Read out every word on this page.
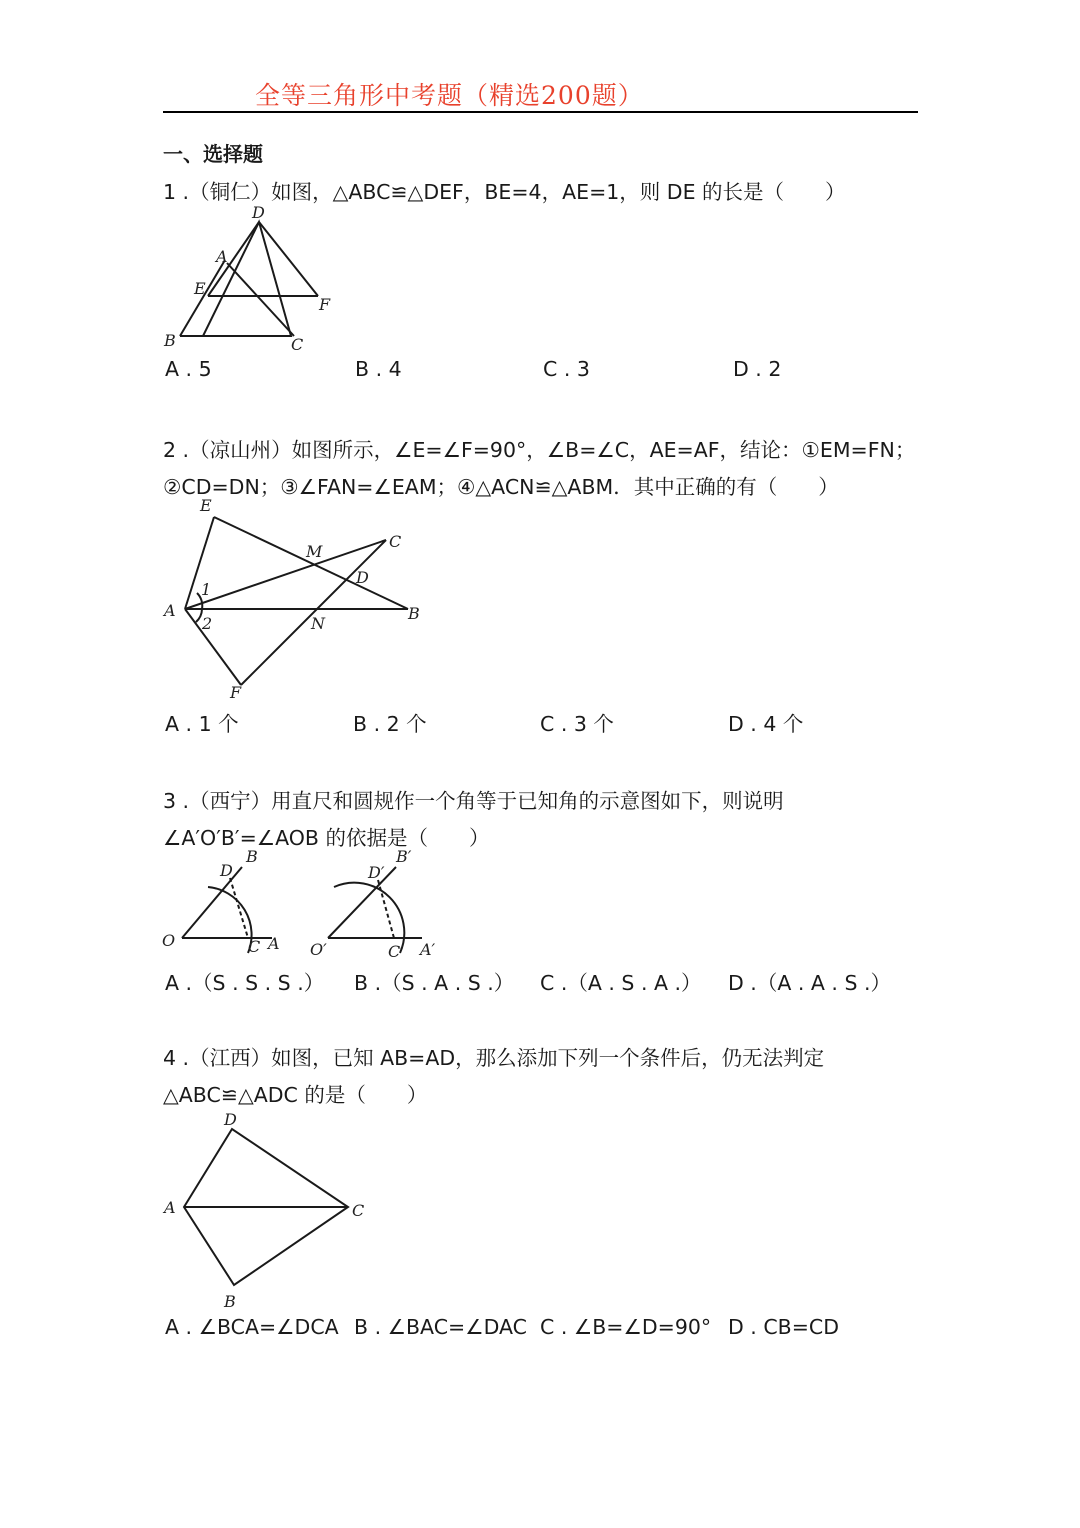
全等三角形中考题（精选200题）
一、选择题
1 .（铜仁）如图，△ABC≌△DEF，BE=4，AE=1，则 DE 的长是（　　）
D
A
E
F
B	C
A . 5	B . 4	C . 3	D . 2
2 .（凉山州）如图所示，∠E=∠F=90°，∠B=∠C，AE=AF，结论：①EM=FN；
②CD=DN；③∠FAN=∠EAM；④△ACN≌△ABM．其中正确的有（　　）
E
M
C
D
1
A
2	N
B
F
A . 1 个	B . 2 个	C . 3 个	D . 4 个
3 .（西宁）用直尺和圆规作一个角等于已知角的示意图如下，则说明
∠A′O′B′=∠AOB 的依据是（　　）
D
B
O	C A
D′
B′
O′	C′ A′
A .（S . S . S .） B .（S . A . S .） C .（A . S . A .） D .（A . A . S .）
4 .（江西）如图，已知 AB=AD，那么添加下列一个条件后，仍无法判定
△ABC≌△ADC 的是（　　）
D
A	C
B
A . ∠BCA=∠DCA B . ∠BAC=∠DAC C . ∠B=∠D=90° D . CB=CD
